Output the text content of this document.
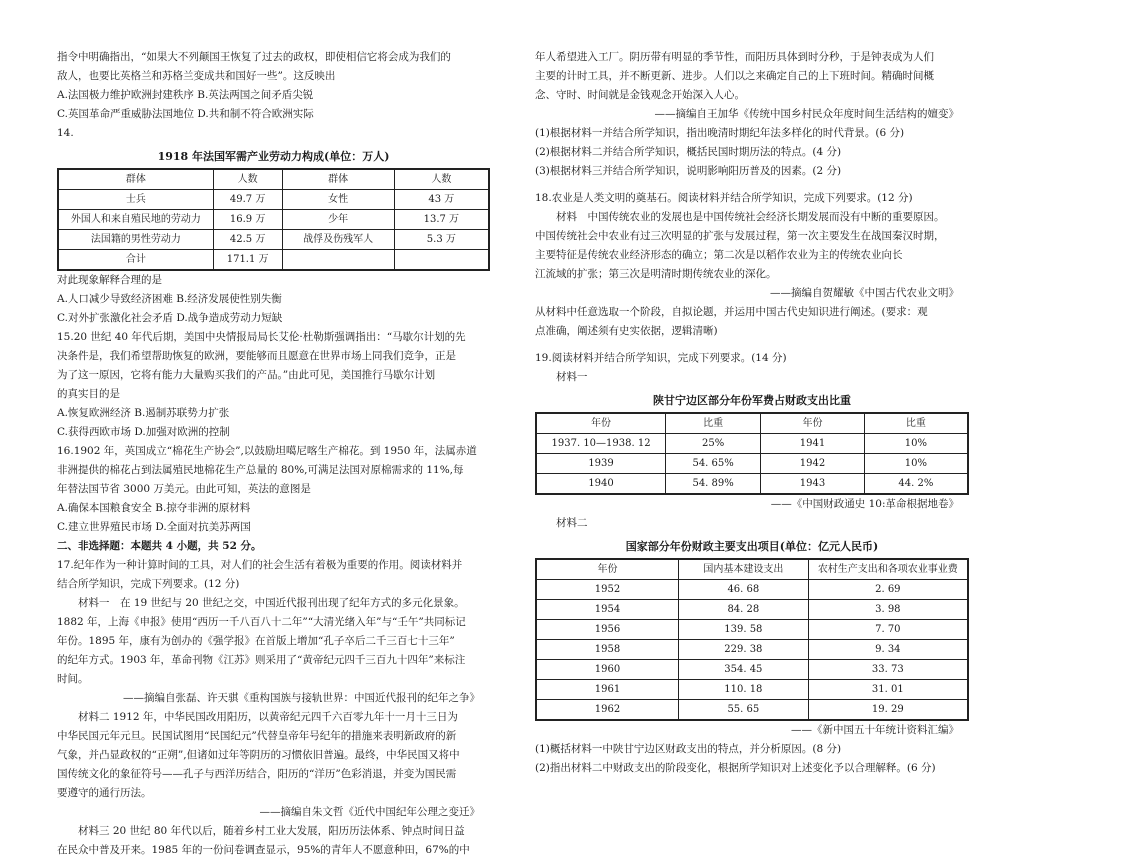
指令中明确指出，“如果大不列颠国王恢复了过去的政权，即使相信它将会成为我们的

敌人，也要比英格兰和苏格兰变成共和国好一些”。这反映出

A.法国极力维护欧洲封建秩序 B.英法两国之间矛盾尖锐

C.英国革命严重威胁法国地位 D.共和制不符合欧洲实际

14.

1918 年法国军需产业劳动力构成(单位：万人)
群体	人数	群体	人数
士兵	49.7 万	女性	43 万
外国人和来自殖民地的劳动力	16.9 万	少年	13.7 万
法国籍的男性劳动力	42.5 万	战俘及伤残军人	5.3 万
合计	171.1 万		

对此现象解释合理的是

A.人口减少导致经济困难 B.经济发展使性别失衡

C.对外扩张激化社会矛盾 D.战争造成劳动力短缺

15.20 世纪 40 年代后期，美国中央情报局局长艾伦·杜勒斯强调指出：“马歇尔计划的先

决条件是，我们希望帮助恢复的欧洲，要能够而且愿意在世界市场上同我们竞争，正是

为了这一原因，它将有能力大量购买我们的产品。”由此可见，美国推行马歇尔计划

的真实目的是

A.恢复欧洲经济 B.遏制苏联势力扩张

C.获得西欧市场 D.加强对欧洲的控制

16.1902 年，英国成立“棉花生产协会”,以鼓励坦噶尼喀生产棉花。到 1950 年，法属赤道

非洲提供的棉花占到法属殖民地棉花生产总量的 80%,可满足法国对原棉需求的 11%,每

年替法国节省 3000 万美元。由此可知，英法的意图是

A.确保本国粮食安全 B.掠夺非洲的原材料

C.建立世界殖民市场 D.全面对抗美苏两国

二、非选择题：本题共 4 小题，共 52 分。

17.纪年作为一种计算时间的工具，对人们的社会生活有着极为重要的作用。阅读材料并

结合所学知识，完成下列要求。(12 分)

材料一　在 19 世纪与 20 世纪之交，中国近代报刊出现了纪年方式的多元化景象。

1882 年，上海《申报》使用“西历一千八百八十二年”“大清光绪入年”与“壬午”共同标记

年份。1895 年，康有为创办的《强学报》在首版上增加“孔子卒后二千三百七十三年”

的纪年方式。1903 年，革命刊物《江苏》则采用了“黄帝纪元四千三百九十四年”来标注

时间。

——摘编自张磊、许天骐《重构国族与接轨世界：中国近代报刊的纪年之争》

材料二 1912 年，中华民国改用阳历，以黄帝纪元四千六百零九年十一月十三日为

中华民国元年元旦。民国试图用“民国纪元”代替皇帝年号纪年的措施来表明新政府的新

气象，并凸显政权的“正朔”,但诸如过年等阴历的习惯依旧普遍。最终，中华民国又将中

国传统文化的象征符号——孔子与西洋历结合，阳历的“洋历”色彩消退，并变为国民需

要遵守的通行历法。

——摘编自朱文哲《近代中国纪年公理之变迁》

材料三 20 世纪 80 年代以后，随着乡村工业大发展，阳历历法体系、钟点时间日益

在民众中普及开来。1985 年的一份问卷调查显示，95%的青年人不愿意种田，67%的中

年人希望进入工厂。阴历带有明显的季节性，而阳历具体到时分秒，于是钟表成为人们

主要的计时工具，并不断更新、进步。人们以之来确定自己的上下班时间。精确时间概

念、守时、时间就是金钱观念开始深入人心。

——摘编自王加华《传统中国乡村民众年度时间生活结构的嬗变》

(1)根据材料一并结合所学知识，指出晚清时期纪年法多样化的时代背景。(6 分)

(2)根据材料二并结合所学知识，概括民国时期历法的特点。(4 分)

(3)根据材料三并结合所学知识，说明影响阳历普及的因素。(2 分)

18.农业是人类文明的奠基石。阅读材料并结合所学知识，完成下列要求。(12 分)

材料　中国传统农业的发展也是中国传统社会经济长期发展而没有中断的重要原因。

中国传统社会中农业有过三次明显的扩张与发展过程，第一次主要发生在战国秦汉时期，

主要特征是传统农业经济形态的确立；第二次是以稻作农业为主的传统农业向长

江流域的扩张；第三次是明清时期传统农业的深化。

——摘编自贺耀敏《中国古代农业文明》

从材料中任意选取一个阶段，自拟论题，并运用中国古代史知识进行阐述。(要求：观

点准确，阐述须有史实依据，逻辑清晰)

19.阅读材料并结合所学知识，完成下列要求。(14 分)

材料一

陕甘宁边区部分年份军费占财政支出比重
年份	比重	年份	比重
1937. 10—1938. 12	25%	1941	10%
1939	54. 65%	1942	10%
1940	54. 89%	1943	44. 2%

——《中国财政通史 10:革命根据地卷》

材料二

国家部分年份财政主要支出项目(单位：亿元人民币)
年份	国内基本建设支出	农村生产支出和各项农业事业费
1952	46. 68	2. 69
1954	84. 28	3. 98
1956	139. 58	7. 70
1958	229. 38	9. 34
1960	354. 45	33. 73
1961	110. 18	31. 01
1962	55. 65	19. 29

——《新中国五十年统计资料汇编》

(1)概括材料一中陕甘宁边区财政支出的特点，并分析原因。(8 分)

(2)指出材料二中财政支出的阶段变化，根据所学知识对上述变化予以合理解释。(6 分)
